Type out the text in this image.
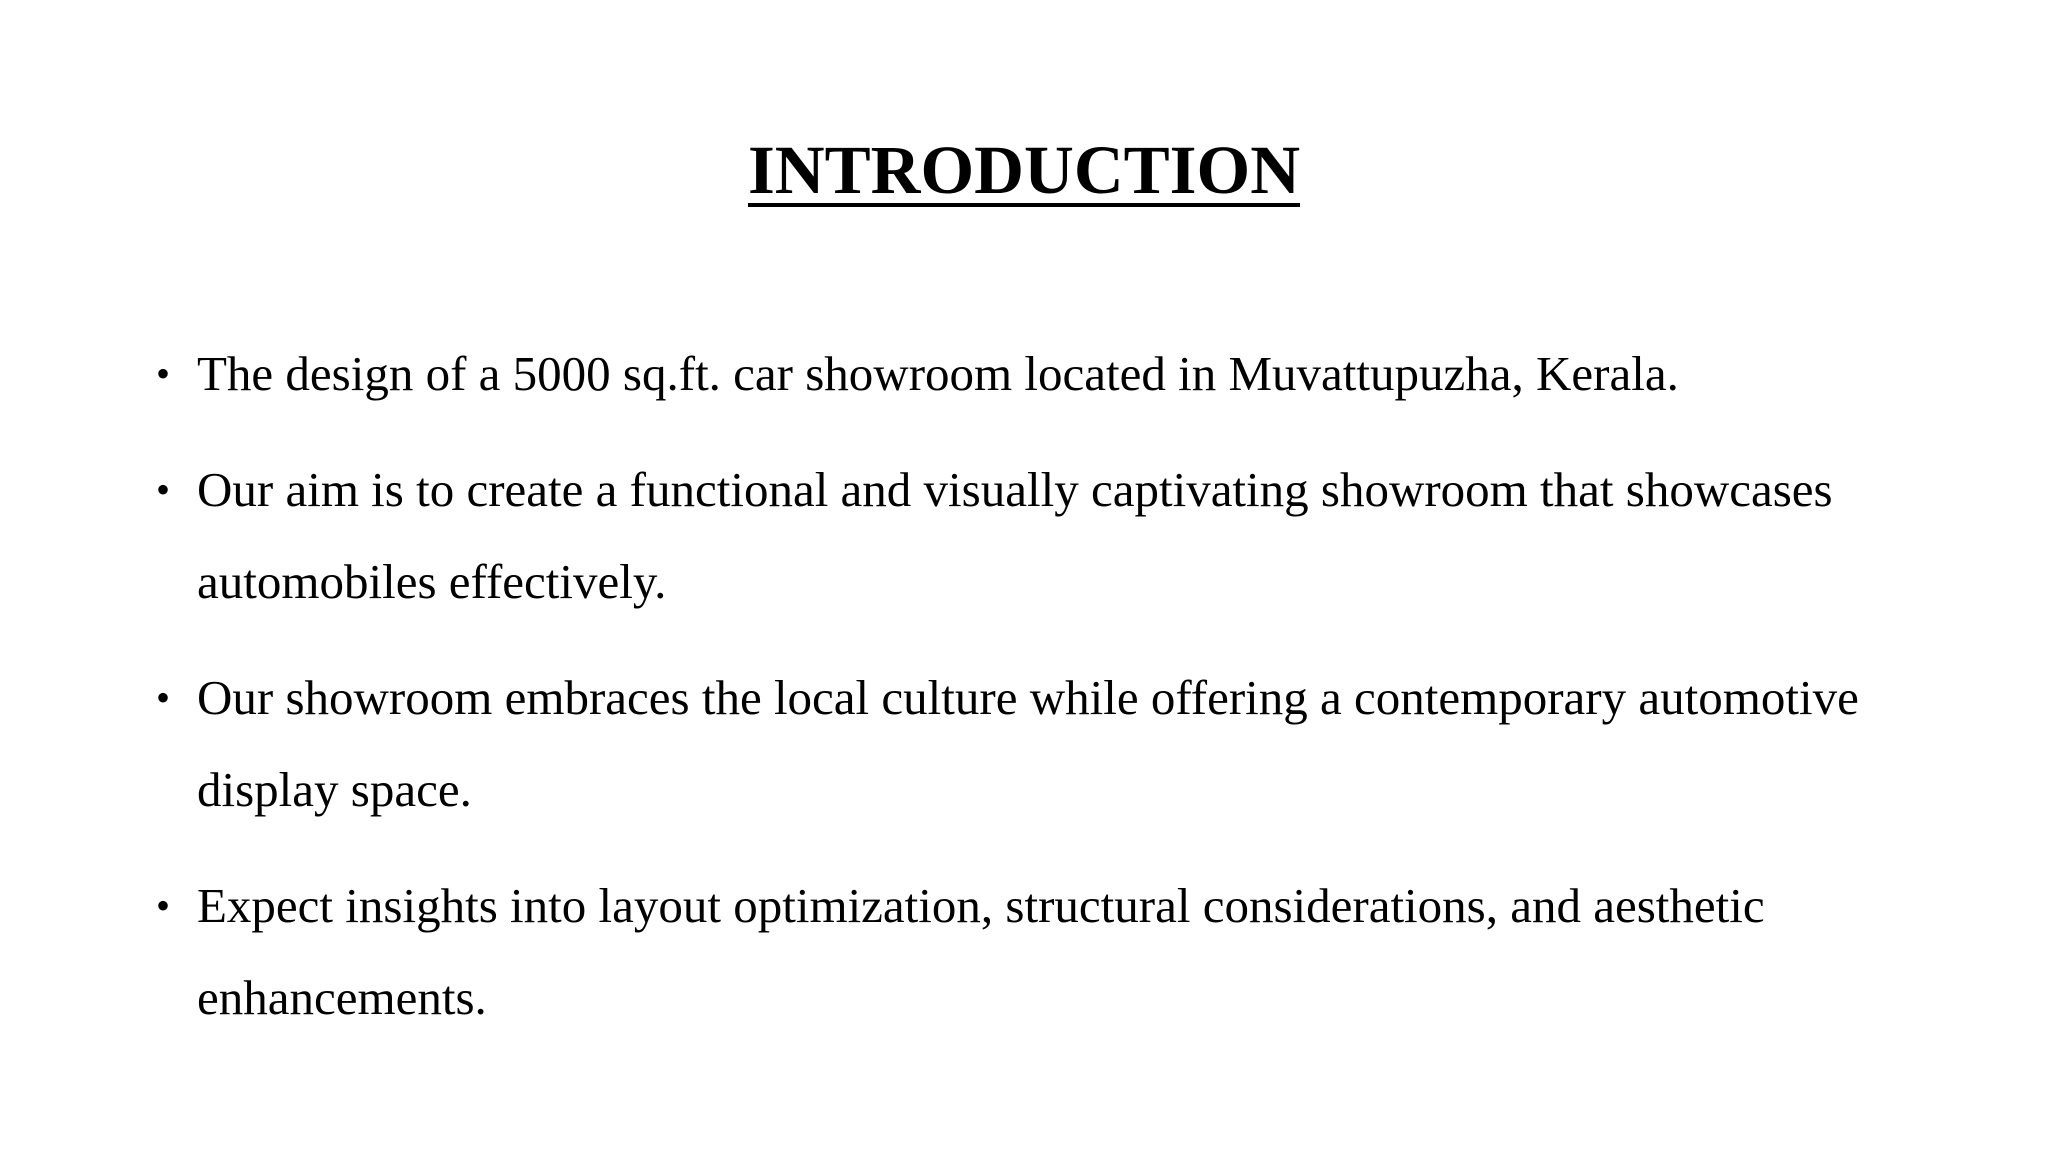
INTRODUCTION
• The design of a 5000 sq.ft. car showroom located in Muvattupuzha, Kerala.
• Our aim is to create a functional and visually captivating showroom that showcases automobiles effectively.
• Our showroom embraces the local culture while offering a contemporary automotive display space.
• Expect insights into layout optimization, structural considerations, and aesthetic enhancements.
